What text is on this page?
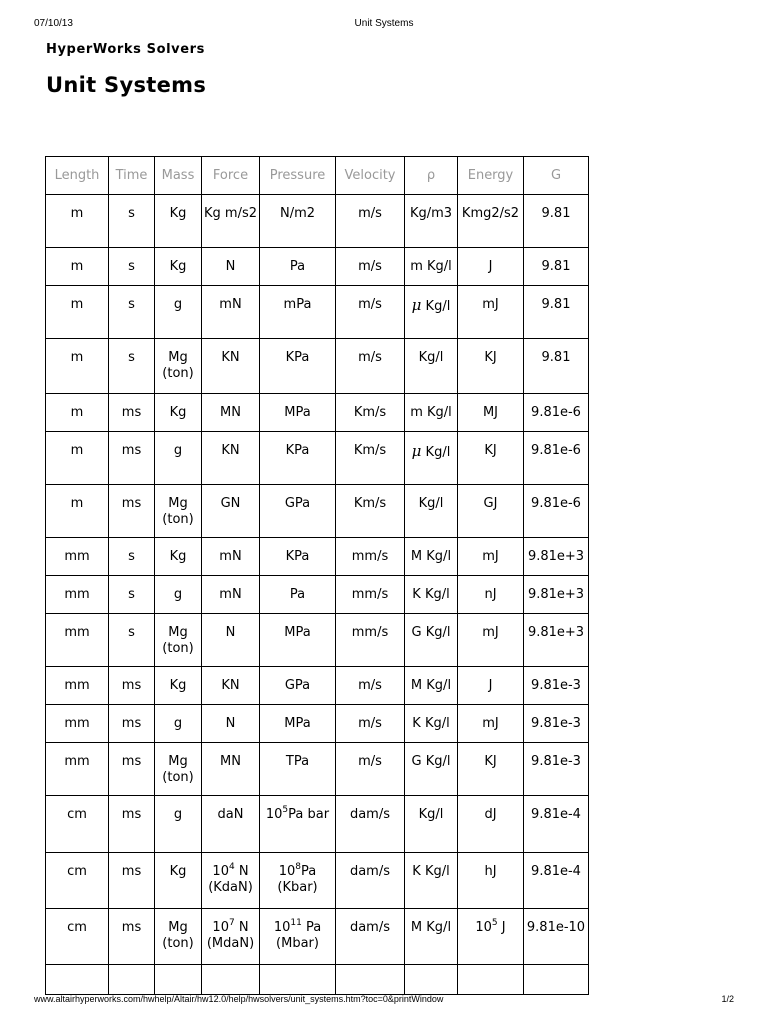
07/10/13	Unit Systems
HyperWorks Solvers
Unit Systems
Length	Time	Mass	Force	Pressure	Velocity	ρ	Energy	G
m	s	Kg	Kg m/s2	N/m2	m/s	Kg/m3	Kmg2/s2	9.81
m	s	Kg	N	Pa	m/s	m Kg/l	J	9.81
m	s	g	mN	mPa	m/s	μ Kg/l	mJ	9.81
m	s	Mg (ton)	KN	KPa	m/s	Kg/l	KJ	9.81
m	ms	Kg	MN	MPa	Km/s	m Kg/l	MJ	9.81e-6
m	ms	g	KN	KPa	Km/s	μ Kg/l	KJ	9.81e-6
m	ms	Mg (ton)	GN	GPa	Km/s	Kg/l	GJ	9.81e-6
mm	s	Kg	mN	KPa	mm/s	M Kg/l	mJ	9.81e+3
mm	s	g	mN	Pa	mm/s	K Kg/l	nJ	9.81e+3
mm	s	Mg (ton)	N	MPa	mm/s	G Kg/l	mJ	9.81e+3
mm	ms	Kg	KN	GPa	m/s	M Kg/l	J	9.81e-3
mm	ms	g	N	MPa	m/s	K Kg/l	mJ	9.81e-3
mm	ms	Mg (ton)	MN	TPa	m/s	G Kg/l	KJ	9.81e-3
cm	ms	g	daN	$10^5Pa$ bar	dam/s	Kg/l	dJ	9.81e-4
cm	ms	Kg	$10^4$ N (KdaN)	$10^8Pa$ (Kbar)	dam/s	K Kg/l	hJ	9.81e-4
cm	ms	Mg (ton)	$10^7$ N (MdaN)	$10^{11}$ Pa (Mbar)	dam/s	M Kg/l	$10^5$ J	9.81e-10

www.altairhyperworks.com/hwhelp/Altair/hw12.0/help/hwsolvers/unit_systems.htm?toc=0&printWindow	1/2
